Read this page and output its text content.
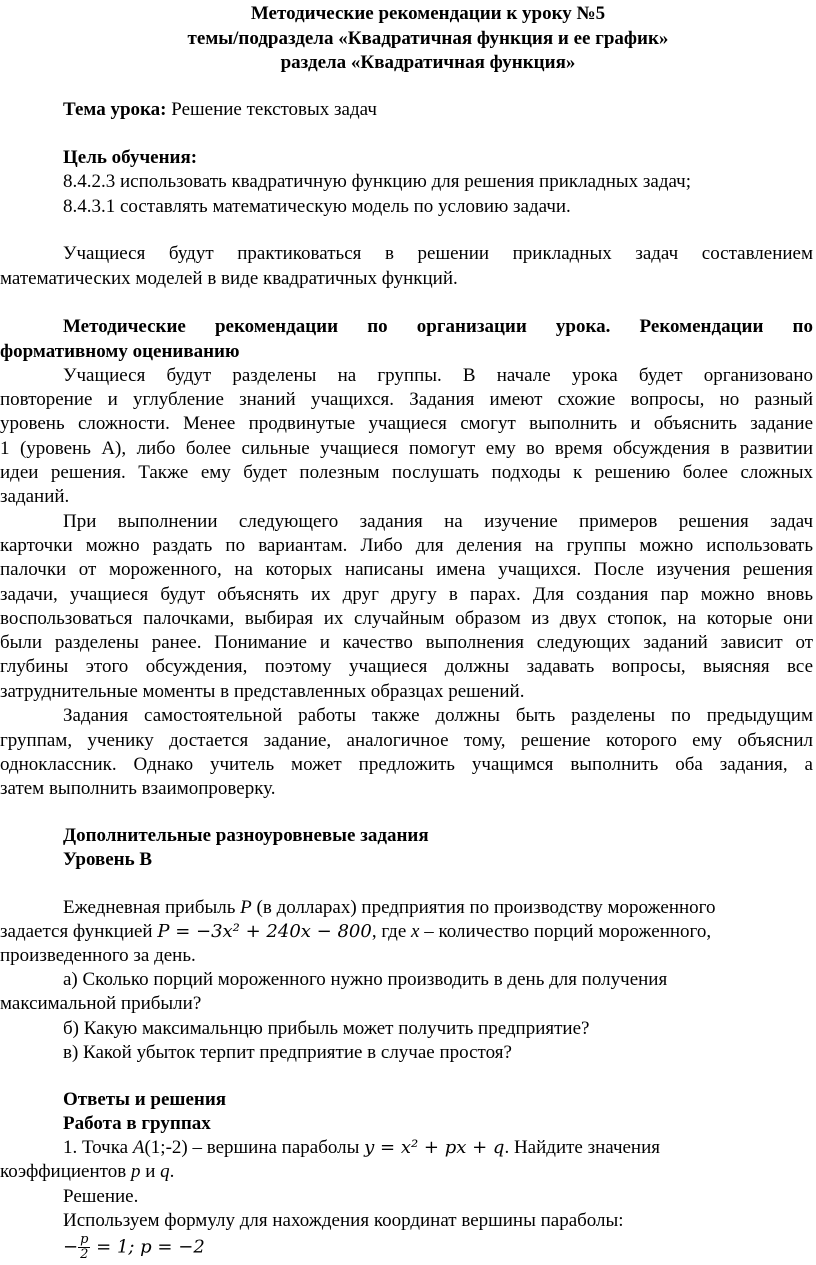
Методические рекомендации к уроку №5
темы/подраздела «Квадратичная функция и ее график»
раздела «Квадратичная функция»
Тема урока: Решение текстовых задач
Цель обучения:
8.4.2.3 использовать квадратичную функцию для решения прикладных задач;
8.4.3.1 составлять математическую модель по условию задачи.
Учащиеся будут практиковаться в решении прикладных задач составлением
математических моделей в виде квадратичных функций.
Методические рекомендации по организации урока. Рекомендации по
формативному оцениванию
Учащиеся будут разделены на группы. В начале урока будет организовано
повторение и углубление знаний учащихся. Задания имеют схожие вопросы, но разный
уровень сложности. Менее продвинутые учащиеся смогут выполнить и объяснить задание
1 (уровень А), либо более сильные учащиеся помогут ему во время обсуждения в развитии
идеи решения. Также ему будет полезным послушать подходы к решению более сложных
заданий.
При выполнении следующего задания на изучение примеров решения задач
карточки можно раздать по вариантам. Либо для деления на группы можно использовать
палочки от мороженного, на которых написаны имена учащихся. После изучения решения
задачи, учащиеся будут объяснять их друг другу в парах. Для создания пар можно вновь
воспользоваться палочками, выбирая их случайным образом из двух стопок, на которые они
были разделены ранее. Понимание и качество выполнения следующих заданий зависит от
глубины этого обсуждения, поэтому учащиеся должны задавать вопросы, выясняя все
затруднительные моменты в представленных образцах решений.
Задания самостоятельной работы также должны быть разделены по предыдущим
группам, ученику достается задание, аналогичное тому, решение которого ему объяснил
одноклассник. Однако учитель может предложить учащимся выполнить оба задания, а
затем выполнить взаимопроверку.
Дополнительные разноуровневые задания
Уровень В
Ежедневная прибыль P (в долларах) предприятия по производству мороженного
задается функцией P = −3x² + 240x − 800, где x – количество порций мороженного,
произведенного за день.
а) Сколько порций мороженного нужно производить в день для получения
максимальной прибыли?
б) Какую максимальнцю прибыль может получить предприятие?
в) Какой убыток терпит предприятие в случае простоя?
Ответы и решения
Работа в группах
1. Точка A(1;-2) – вершина параболы y = x² + px + q. Найдите значения
коэффициентов p и q.
Решение.
Используем формулу для нахождения координат вершины параболы:
− $\frac{p}{2} = 1$; p = −2
